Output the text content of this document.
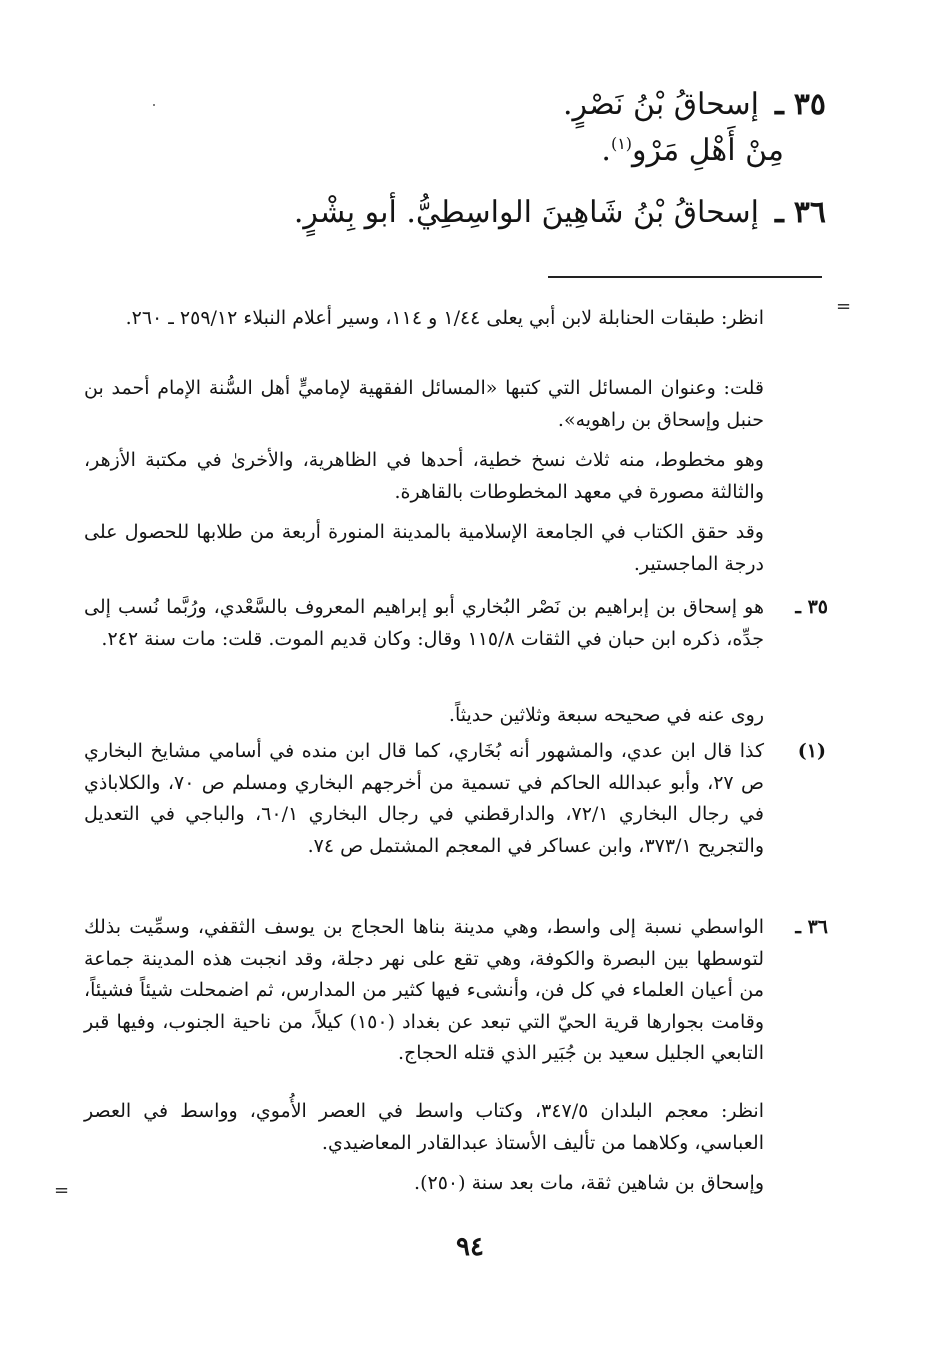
٣٥ـإسحاقُ بْنُ نَصْرٍ.
مِنْ أَهْلِ مَرْو$^{(١)}$.
٣٦ـإسحاقُ بْنُ شَاهِينَ الواسِطِيُّ. أبو بِشْرٍ.
=

انظر: طبقات الحنابلة لابن أبي يعلى ١/٤٤ و ١١٤، وسير أعلام النبلاء ٢٥٩/١٢ ـ ٢٦٠.

قلت: وعنوان المسائل التي كتبها «المسائل الفقهية لإماميٍّ أهل السُّنة الإمام أحمد بن حنبل وإسحاق بن راهويه».

وهو مخطوط، منه ثلاث نسخ خطية، أحدها في الظاهرية، والأخرىٰ في مكتبة الأزهر، والثالثة مصورة في معهد المخطوطات بالقاهرة.

وقد حقق الكتاب في الجامعة الإسلامية بالمدينة المنورة أربعة من طلابها للحصول على درجة الماجستير.

٣٥ ـ

هو إسحاق بن إبراهيم بن نَصْر البُخاري أبو إبراهيم المعروف بالسَّعْدي، ورُبَّما نُسب إلى جدِّه، ذكره ابن حبان في الثقات ١١٥/٨ وقال: وكان قديم الموت. قلت: مات سنة ٢٤٢.

روى عنه في صحيحه سبعة وثلاثين حديثاً.

(١)

كذا قال ابن عدي، والمشهور أنه بُخَاري، كما قال ابن منده في أسامي مشايخ البخاري ص ٢٧، وأبو عبدالله الحاكم في تسمية من أخرجهم البخاري ومسلم ص ٧٠، والكلاباذي في رجال البخاري ٧٢/١، والدارقطني في رجال البخاري ٦٠/١، والباجي في التعديل والتجريح ٣٧٣/١، وابن عساكر في المعجم المشتمل ص ٧٤.

٣٦ ـ

الواسطي نسبة إلى واسط، وهي مدينة بناها الحجاج بن يوسف الثقفي، وسمِّيت بذلك لتوسطها بين البصرة والكوفة، وهي تقع على نهر دجلة، وقد انجبت هذه المدينة جماعة من أعيان العلماء في كل فن، وأنشىء فيها كثير من المدارس، ثم اضمحلت شيئاً فشيئاً، وقامت بجوارها قرية الحيّ التي تبعد عن بغداد (١٥٠) كيلاً، من ناحية الجنوب، وفيها قبر التابعي الجليل سعيد بن جُبَير الذي قتله الحجاج.

انظر: معجم البلدان ٣٤٧/٥، وكتاب واسط في العصر الأُموي، وواسط في العصر العباسي، وكلاهما من تأليف الأستاذ عبدالقادر المعاضيدي.

وإسحاق بن شاهين ثقة، مات بعد سنة (٢٥٠).

=
٩٤
